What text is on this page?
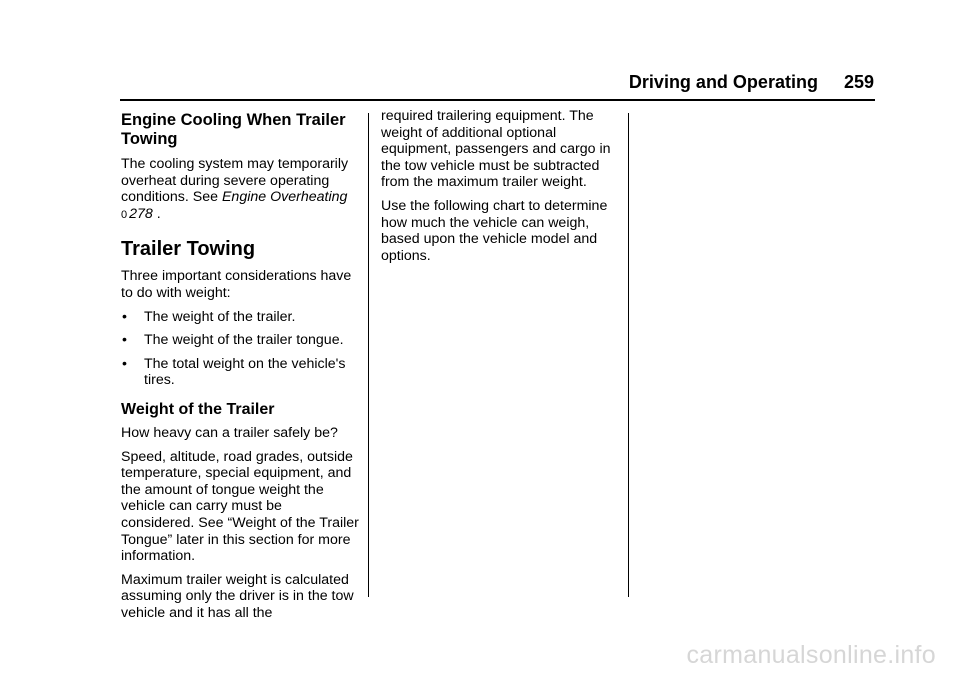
Driving and Operating 259
Engine Cooling When Trailer Towing

The cooling system may temporarily overheat during severe operating conditions. See Engine Overheating
0 278 .

Trailer Towing

Three important considerations have to do with weight:

•	The weight of the trailer.
•	The weight of the trailer tongue.
•	The total weight on the vehicle's tires.
Weight of the Trailer

How heavy can a trailer safely be?

Speed, altitude, road grades, outside temperature, special equipment, and the amount of tongue weight the vehicle can carry must be considered. See “Weight of the Trailer Tongue” later in this section for more information.

Maximum trailer weight is calculated assuming only the driver is in the tow vehicle and it has all the

required trailering equipment. The weight of additional optional equipment, passengers and cargo in the tow vehicle must be subtracted from the maximum trailer weight.

Use the following chart to determine how much the vehicle can weigh, based upon the vehicle model and options.

carmanualsonline.info
